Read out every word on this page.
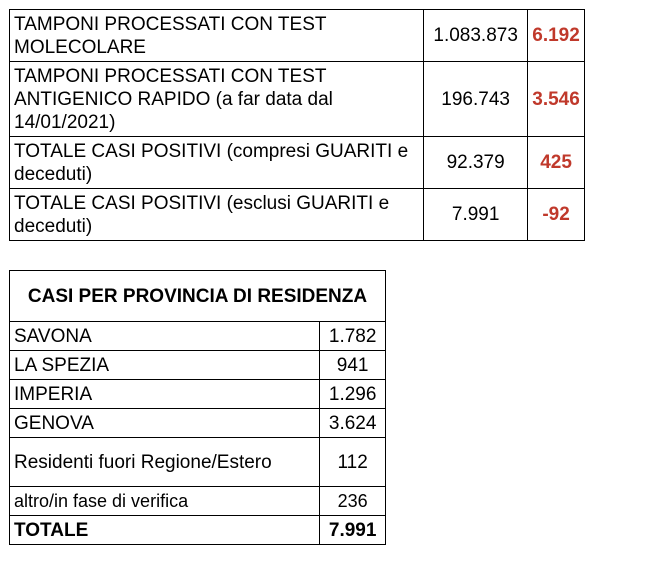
TAMPONI PROCESSATI CON TEST MOLECOLARE	1.083.873	6.192
TAMPONI PROCESSATI CON TEST ANTIGENICO RAPIDO (a far data dal 14/01/2021)	196.743	3.546
TOTALE CASI POSITIVI (compresi GUARITI e deceduti)	92.379	425
TOTALE CASI POSITIVI (esclusi GUARITI e deceduti)	7.991	-92
CASI PER PROVINCIA DI RESIDENZA	
SAVONA	1.782
LA SPEZIA	941
IMPERIA	1.296
GENOVA	3.624
Residenti fuori Regione/Estero	112
altro/in fase di verifica	236
TOTALE	7.991
